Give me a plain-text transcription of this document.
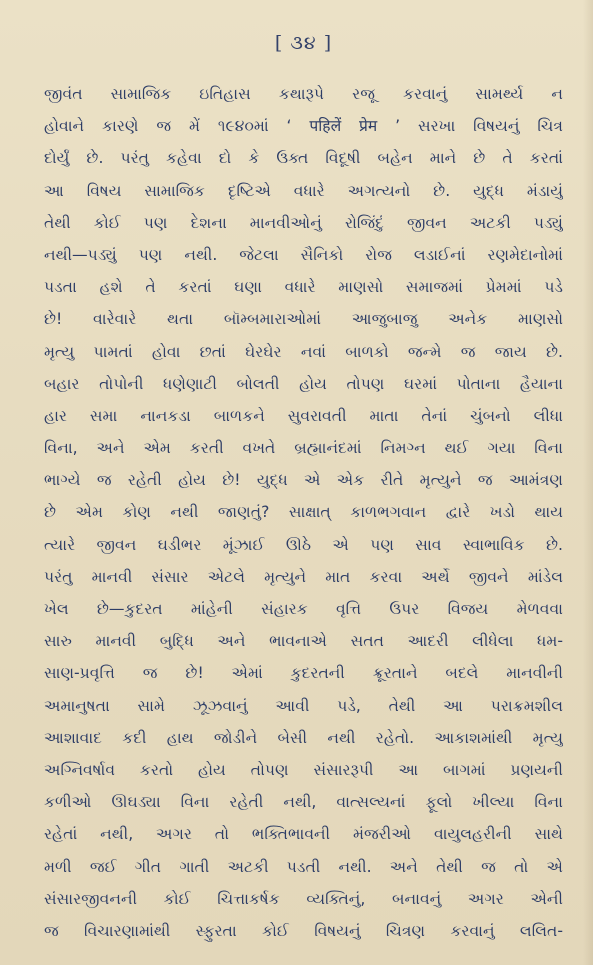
[ ૩૪ ]
જીવંત સામાજિક ઇતિહાસ કથારૂપે રજૂ કરવાનું સામર્થ્ય ન
હોવાને કારણે જ મેં ૧૯૪૦માં ‘ पहिलें प्रेम ’ સરખા વિષયનું ચિત્ર
દોર્યું છે. પરંતુ કહેવા દો કે ઉક્ત વિદૂષી બહેન માને છે તે કરતાં
આ વિષય સામાજિક દૃષ્ટિએ વધારે અગત્યનો છે. યુદ્ધ મંડાયું
તેથી કોઈ પણ દેશના માનવીઓનું રોજિંદું જીવન અટકી પડ્યું
નથી—પડ્યું પણ નથી. જેટલા સૈનિકો રોજ લડાઈનાં રણમેદાનોમાં
પડતા હશે તે કરતાં ઘણા વધારે માણસો સમાજમાં પ્રેમમાં પડે
છે! વારેવારે થતા બૉમ્બમારાઓમાં આજુબાજુ અનેક માણસો
મૃત્યુ પામતાં હોવા છતાં ઘેરઘેર નવાં બાળકો જન્મે જ જાય છે.
બહાર તોપોની ધણેણાટી બોલતી હોય તોપણ ઘરમાં પોતાના હૈયાના
હાર સમા નાનકડા બાળકને સુવરાવતી માતા તેનાં ચુંબનો લીધા
વિના, અને એમ કરતી વખતે બ્રહ્માનંદમાં નિમગ્ન થઈ ગયા વિના
ભાગ્યે જ રહેતી હોય છે! યુદ્ધ એ એક રીતે મૃત્યુને જ આમંત્રણ
છે એમ કોણ નથી જાણતું? સાક્ષાત્ કાળભગવાન દ્વારે ખડો થાય
ત્યારે જીવન ઘડીભર મૂંઝાઈ ઊઠે એ પણ સાવ સ્વાભાવિક છે.
પરંતુ માનવી સંસાર એટલે મૃત્યુને માત કરવા અર્થે જીવને માંડેલ
ખેલ છે—કુદરત માંહેની સંહારક વૃત્તિ ઉપર વિજય મેળવવા
સારુ માનવી બુદ્ધિ અને ભાવનાએ સતત આદરી લીધેલા ધમ-
સાણ-પ્રવૃત્તિ જ છે! એમાં કુદરતની ક્રૂરતાને બદલે માનવીની
અમાનુષતા સામે ઝૂઝવાનું આવી પડે, તેથી આ પરાક્રમશીલ
આશાવાદ કદી હાથ જોડીને બેસી નથી રહેતો. આકાશમાંથી મૃત્યુ
અગ્નિવર્ષાવ કરતો હોય તોપણ સંસારરૂપી આ બાગમાં પ્રણયની
કળીઓ ઊઘડ્યા વિના રહેતી નથી, વાત્સલ્યનાં ફૂલો ખીલ્યા વિના
રહેતાં નથી, અગર તો ભક્તિભાવની મંજરીઓ વાયુલહરીની સાથે
મળી જઈ ગીત ગાતી અટકી પડતી નથી. અને તેથી જ તો એ
સંસારજીવનની કોઈ ચિત્તાકર્ષક વ્યક્તિનું, બનાવનું અગર એની
જ વિચારણામાંથી સ્ફુરતા કોઈ વિષયનું ચિત્રણ કરવાનું લલિત-
